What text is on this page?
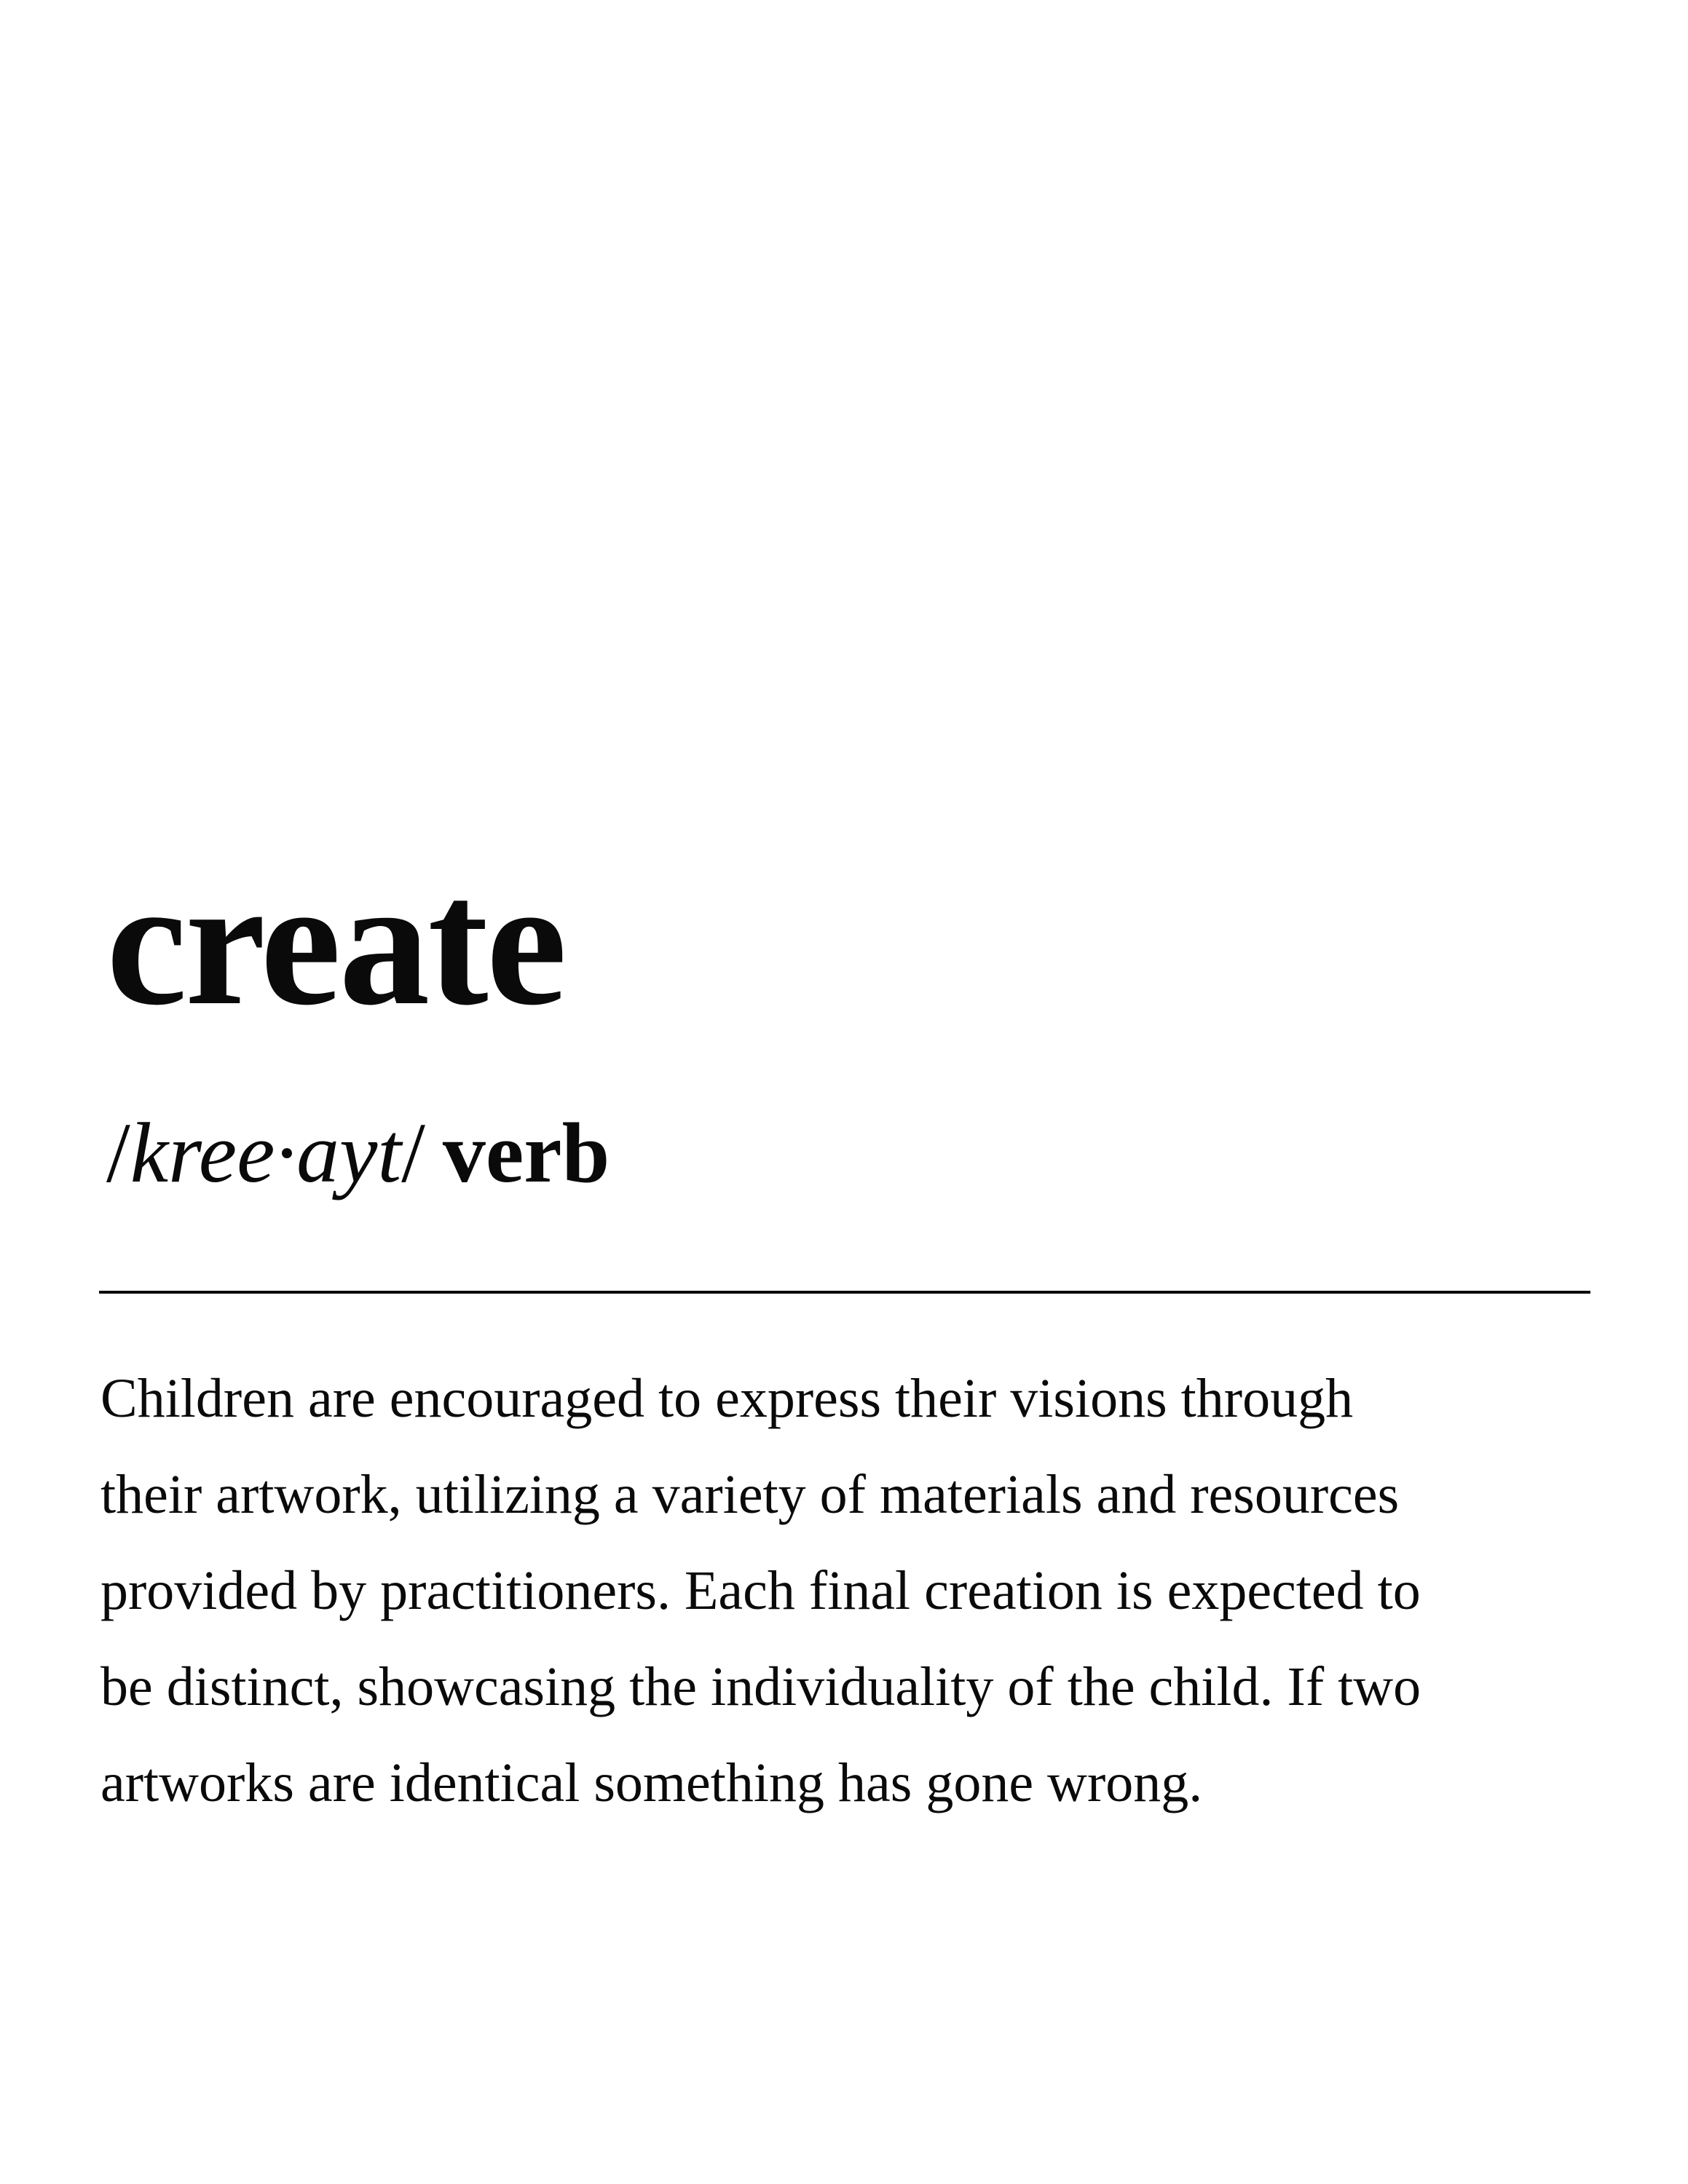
create
/kree·ayt/ verb

Children are encouraged to express their visions through
their artwork, utilizing a variety of materials and resources
provided by practitioners. Each final creation is expected to
be distinct, showcasing the individuality of the child. If two
artworks are identical something has gone wrong.
